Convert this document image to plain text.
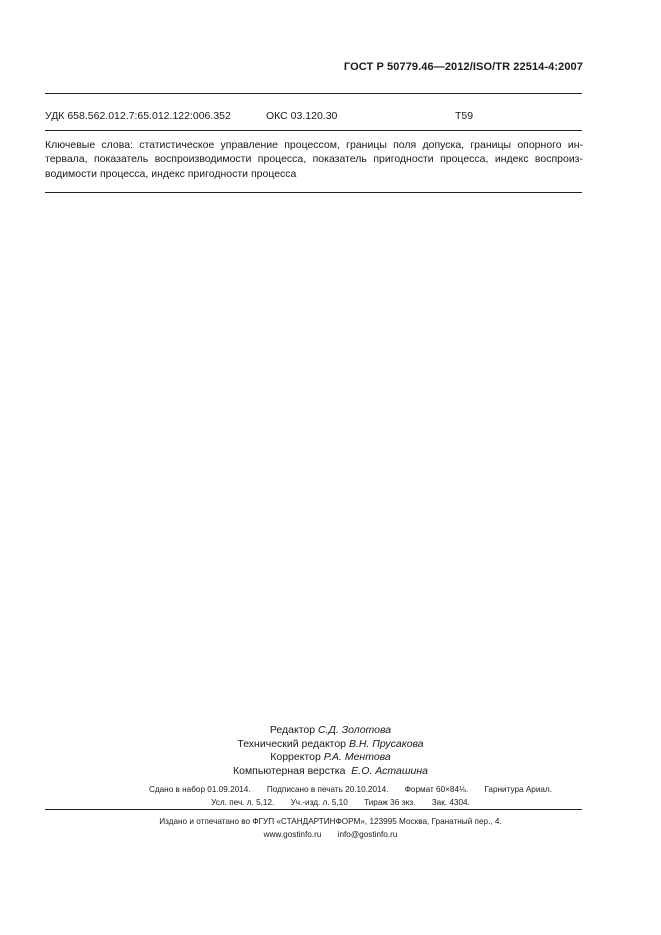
ГОСТ Р 50779.46—2012/ISO/TR 22514-4:2007
УДК 658.562.012.7:65.012.122:006.352	ОКС 03.120.30	Т59
Ключевые слова: статистическое управление процессом, границы поля допуска, границы опорного ин-тервала, показатель воспроизводимости процесса, показатель пригодности процесса, индекс воспроиз-водимости процесса, индекс пригодности процесса
Редактор С.Д. Золотова
Технический редактор В.Н. Прусакова
Корректор Р.А. Ментова
Компьютерная верстка Е.О. Асташина
Сдано в набор 01.09.2014. Подписано в печать 20.10.2014. Формат 60×84⅛. Гарнитура Ариал.
Усл. печ. л. 5,12. Уч.-изд. л. 5,10 Тираж 36 экз. Зак. 4304.
Издано и отпечатано во ФГУП «СТАНДАРТИНФОРМ», 123995 Москва, Гранатный пер., 4.
www.gostinfo.ru info@gostinfo.ru
